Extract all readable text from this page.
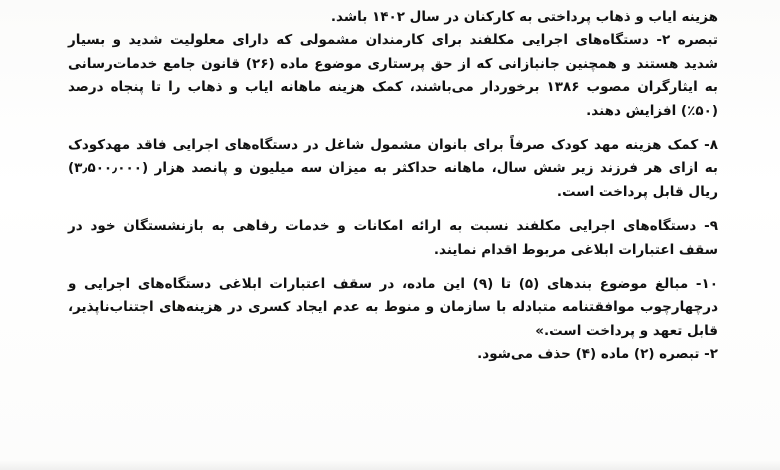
هزینه ایاب و ذهاب پرداختی به کارکنان در سال ۱۴۰۲ باشد.

تبصره ۲- دستگاه‌های اجرایی مکلفند برای کارمندان مشمولی که دارای معلولیت شدید و بسیار شدید هستند و همچنین جانبازانی که از حق پرستاری موضوع ماده (۲۶) قانون جامع خدمات‌رسانی به ایثارگران مصوب ۱۳۸۶ برخوردار می‌باشند، کمک هزینه ماهانه ایاب و ذهاب را تا پنجاه درصد (۵۰٪) افزایش دهند.

۸- کمک هزینه مهد کودک صرفاً برای بانوان مشمول شاغل در دستگاه‌های اجرایی فاقد مهدکودک به ازای هر فرزند زیر شش سال، ماهانه حداکثر به میزان سه میلیون و پانصد هزار (۳٫۵۰۰٫۰۰۰) ریال قابل پرداخت است.

۹- دستگاه‌های اجرایی مکلفند نسبت به ارائه امکانات و خدمات رفاهی به بازنشستگان خود در سقف اعتبارات ابلاغی مربوط اقدام نمایند.

۱۰- مبالغ موضوع بندهای (۵) تا (۹) این ماده، در سقف اعتبارات ابلاغی دستگاه‌های اجرایی و درچهارچوب موافقتنامه متبادله با سازمان و منوط به عدم ایجاد کسری در هزینه‌های اجتناب‌ناپذیر، قابل تعهد و پرداخت است.»

۲- تبصره (۲) ماده (۴) حذف می‌شود.
